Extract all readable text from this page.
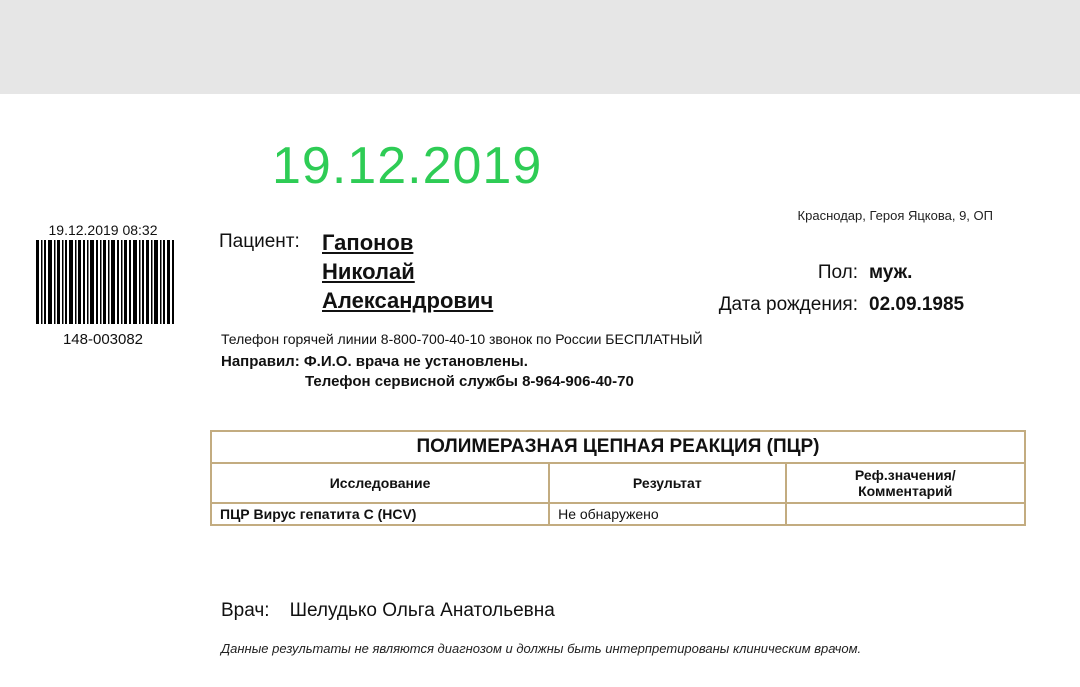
19.12.2019
Краснодар, Героя Яцкова, 9, ОП
19.12.2019 08:32
148-003082
Пациент: Гапонов
Николай
Александрович
Пол: муж.
Дата рождения: 02.09.1985
Телефон горячей линии 8-800-700-40-10 звонок по России БЕСПЛАТНЫЙ
Направил: Ф.И.О. врача не установлены.
Телефон сервисной службы 8-964-906-40-70
ПОЛИМЕРАЗНАЯ ЦЕПНАЯ РЕАКЦИЯ (ПЦР)		
Исследование	Результат	Реф.значения/
Комментарий
ПЦР Вирус гепатита С (HCV)	Не обнаружено	
Врач: Шелудько Ольга Анатольевна
Данные результаты не являются диагнозом и должны быть интерпретированы клиническим врачом.
